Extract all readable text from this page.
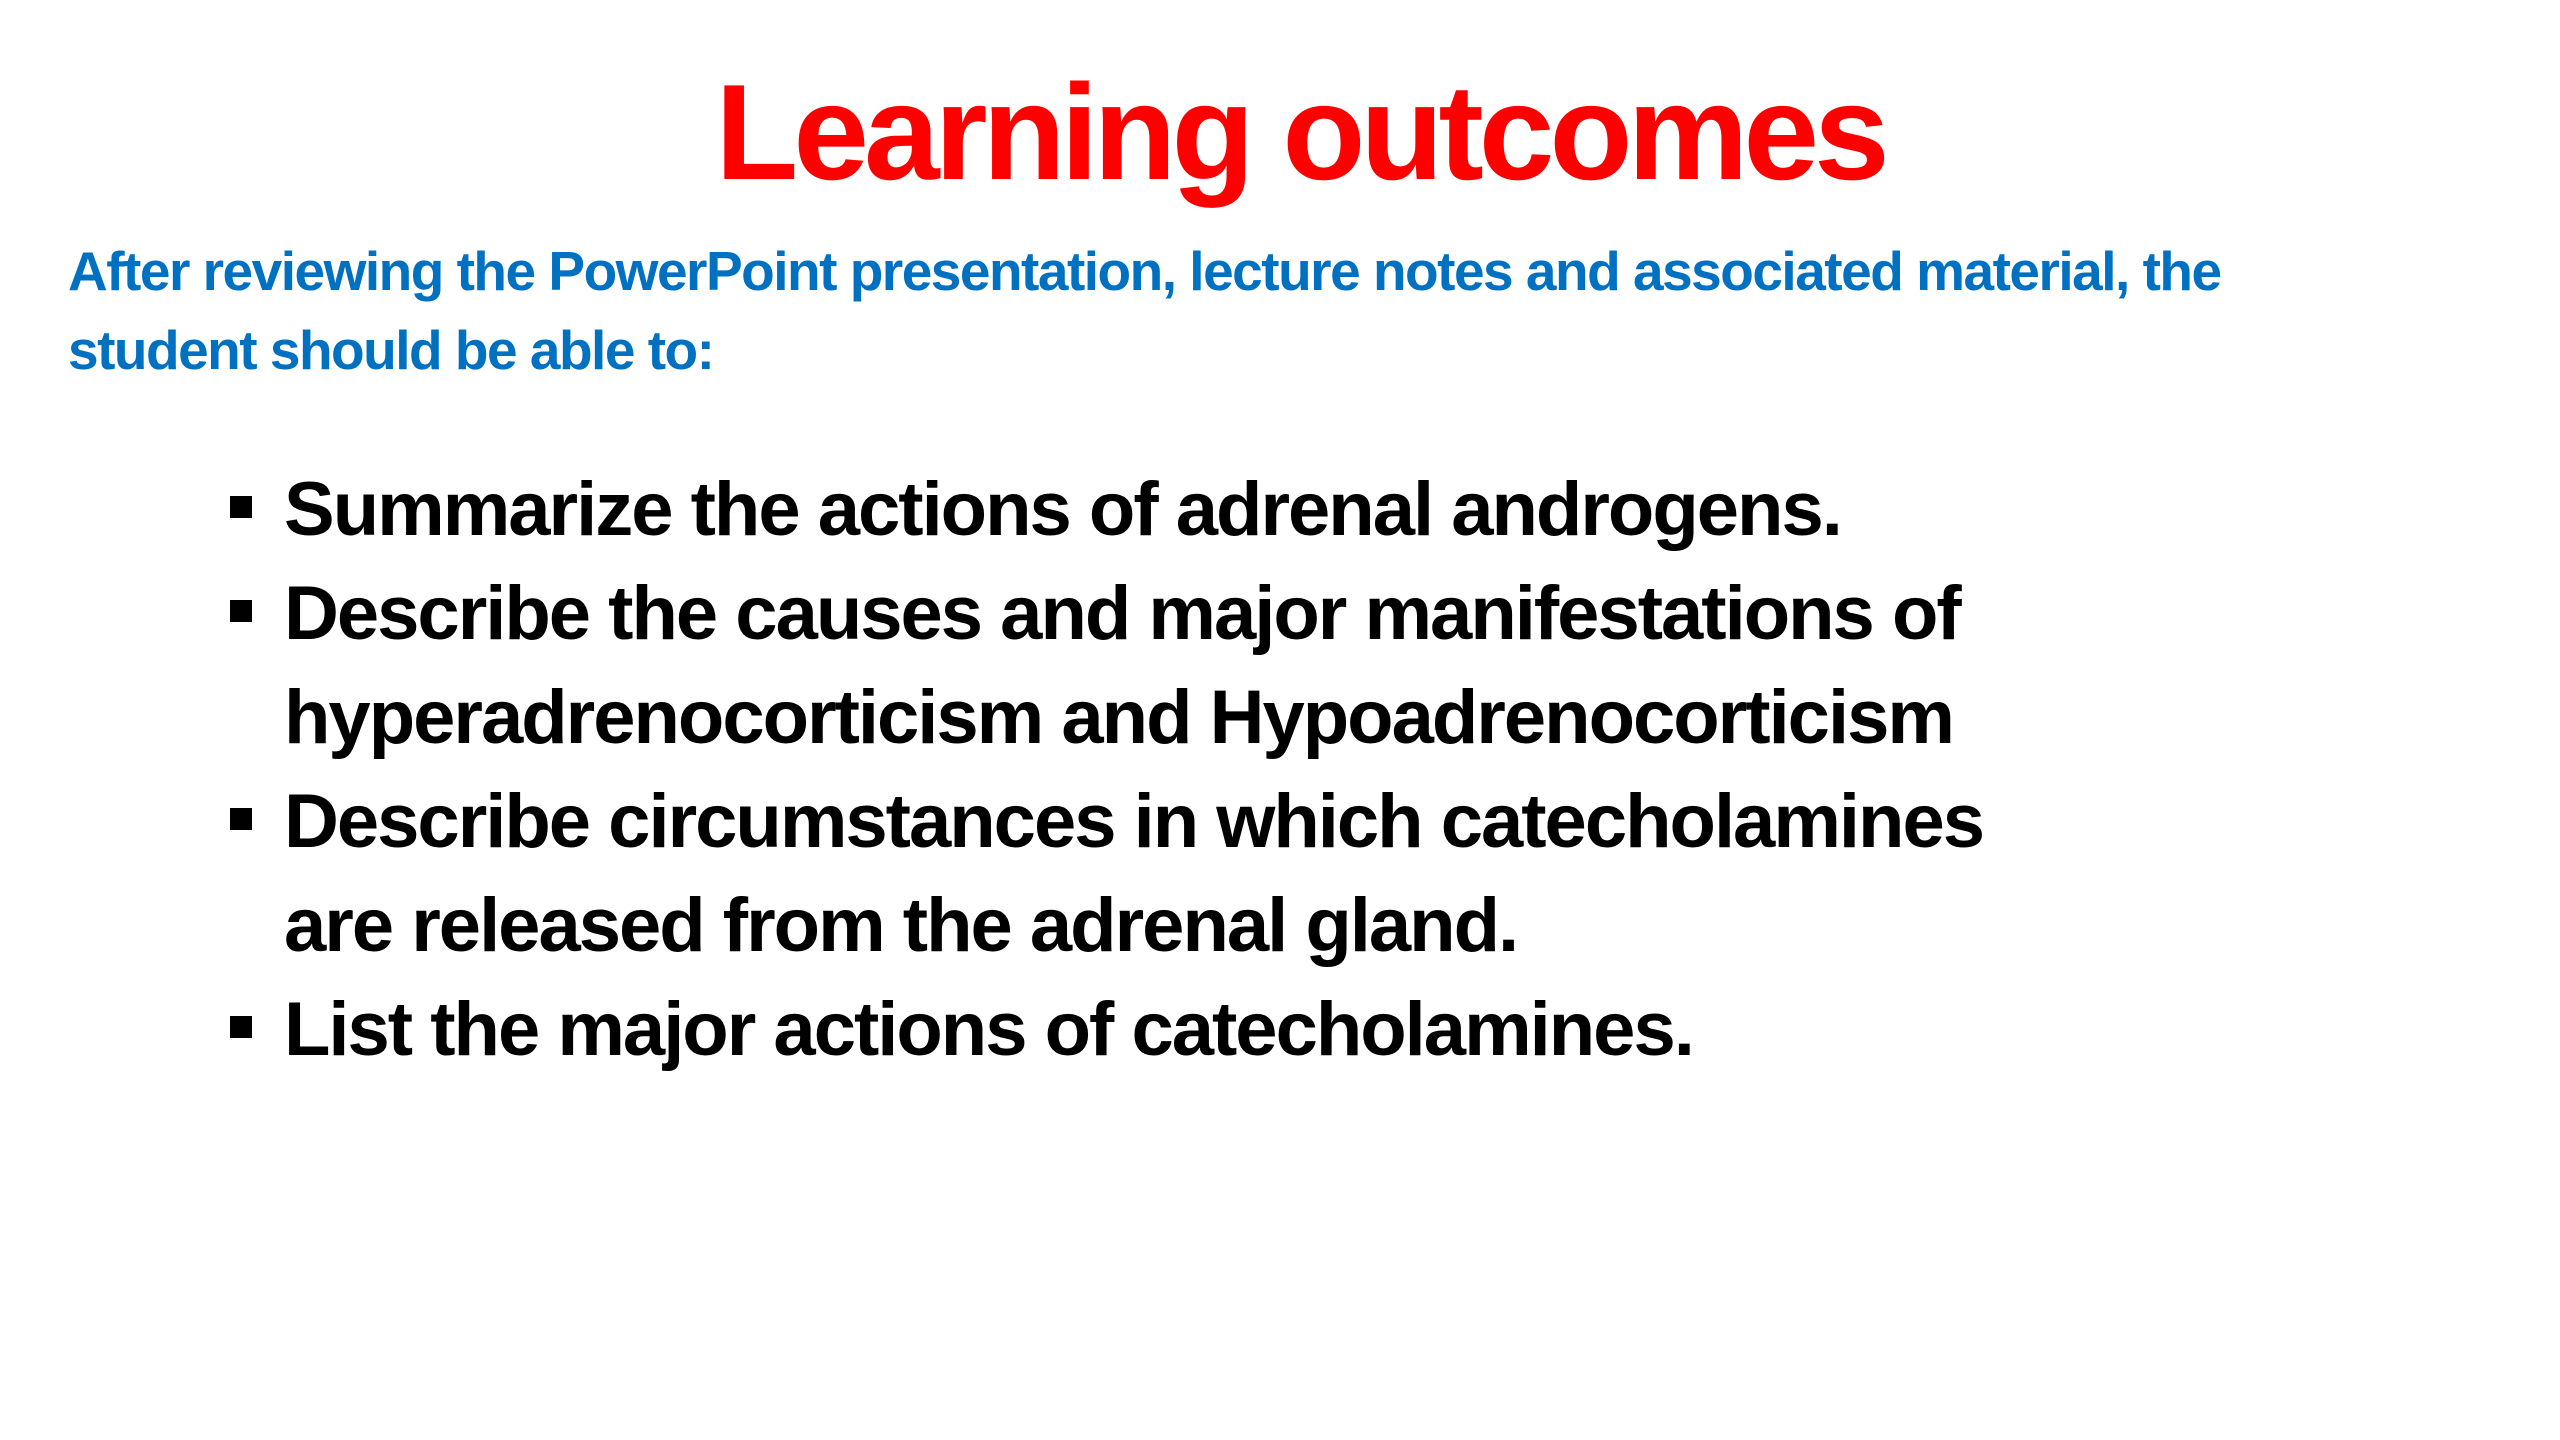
Learning outcomes
After reviewing the PowerPoint presentation, lecture notes and associated material, the
student should be able to:
Summarize the actions of adrenal androgens.
Describe the causes and major manifestations of
hyperadrenocorticism and Hypoadrenocorticism
Describe circumstances in which catecholamines
are released from the adrenal gland.
List the major actions of catecholamines.
